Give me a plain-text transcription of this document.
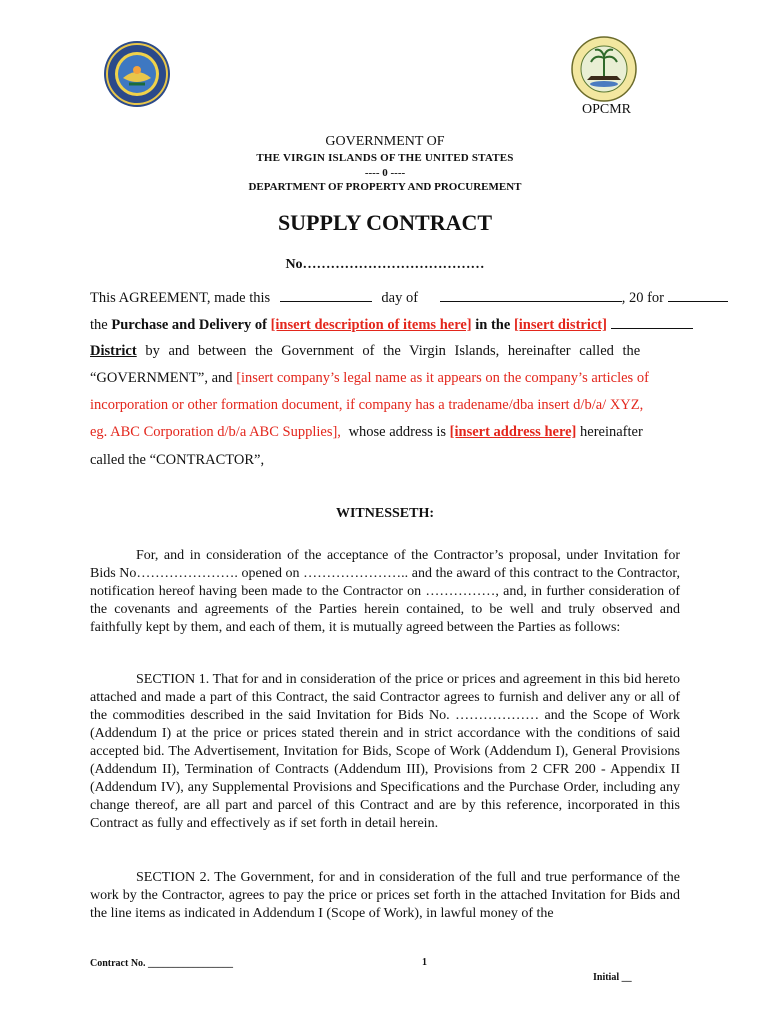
OPCMR
GOVERNMENT OF
THE VIRGIN ISLANDS OF THE UNITED STATES
---- 0 ----
DEPARTMENT OF PROPERTY AND PROCUREMENT
SUPPLY CONTRACT
No…………………………………
This AGREEMENT, made this	day of	, 20 for
the Purchase and Delivery of [insert description of items here] in the [insert district]
District by and between the Government of the Virgin Islands, hereinafter called the
“GOVERNMENT”, and [insert company’s legal name as it appears on the company’s articles of
incorporation or other formation document, if company has a tradename/dba insert d/b/a/ XYZ,
eg. ABC Corporation d/b/a ABC Supplies], whose address is [insert address here] hereinafter
called the “CONTRACTOR”,
WITNESSETH:
For, and in consideration of the acceptance of the Contractor’s proposal, under Invitation for Bids No…………………. opened on ………………….. and the award of this contract to the Contractor, notification hereof having been made to the Contractor on ……………, and, in further consideration of the covenants and agreements of the Parties herein contained, to be well and truly observed and faithfully kept by them, and each of them, it is mutually agreed between the Parties as follows:
SECTION 1. That for and in consideration of the price or prices and agreement in this bid hereto attached and made a part of this Contract, the said Contractor agrees to furnish and deliver any or all of the commodities described in the said Invitation for Bids No. ……………… and the Scope of Work (Addendum I) at the price or prices stated therein and in strict accordance with the conditions of said accepted bid. The Advertisement, Invitation for Bids, Scope of Work (Addendum I), General Provisions (Addendum II), Termination of Contracts (Addendum III), Provisions from 2 CFR 200 - Appendix II (Addendum IV), any Supplemental Provisions and Specifications and the Purchase Order, including any change thereof, are all part and parcel of this Contract and are by this reference, incorporated in this Contract as fully and effectively as if set forth in detail herein.
SECTION 2. The Government, for and in consideration of the full and true performance of the work by the Contractor, agrees to pay the price or prices set forth in the attached Invitation for Bids and the line items as indicated in Addendum I (Scope of Work), in lawful money of the
Contract No. _________________	1
Initial __
